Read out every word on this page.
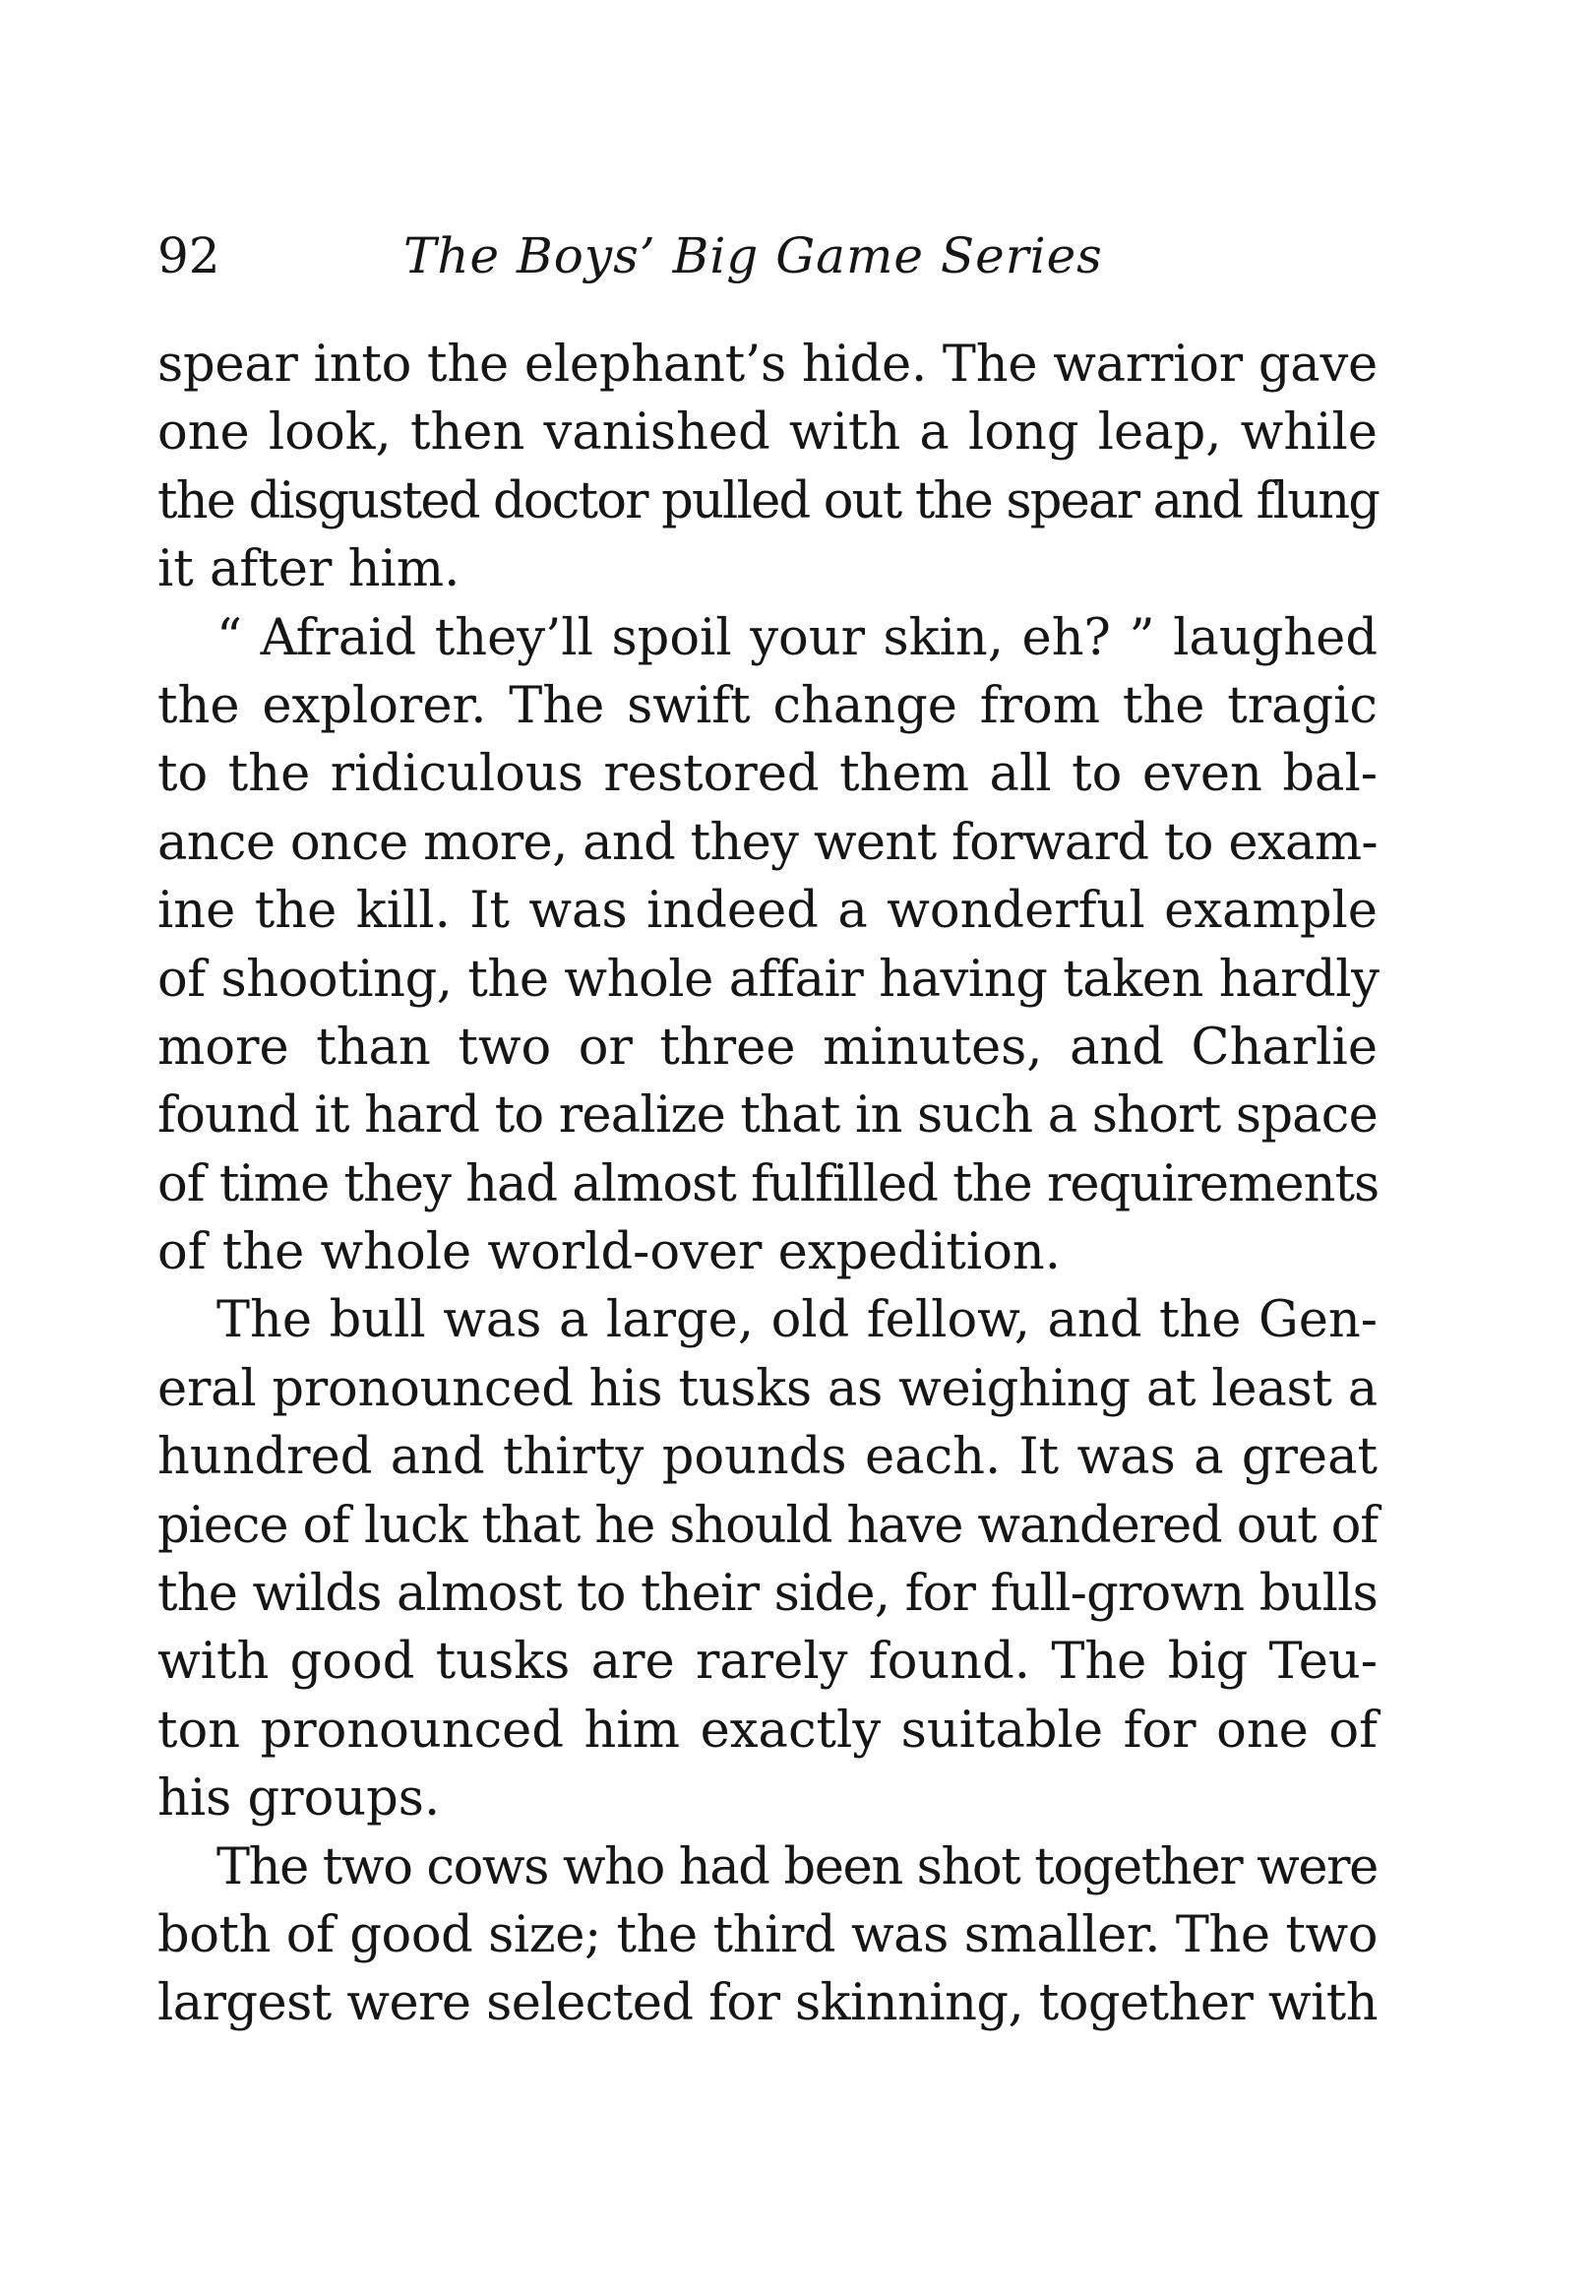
92	The Boys’ Big Game Series
spear into the elephant’s hide. The warrior gave
one look, then vanished with a long leap, while
the disgusted doctor pulled out the spear and flung
it after him.
“ Afraid they’ll spoil your skin, eh? ” laughed
the explorer. The swift change from the tragic
to the ridiculous restored them all to even bal-
ance once more, and they went forward to exam-
ine the kill. It was indeed a wonderful example
of shooting, the whole affair having taken hardly
more than two or three minutes, and Charlie
found it hard to realize that in such a short space
of time they had almost fulfilled the requirements
of the whole world-over expedition.
The bull was a large, old fellow, and the Gen-
eral pronounced his tusks as weighing at least a
hundred and thirty pounds each. It was a great
piece of luck that he should have wandered out of
the wilds almost to their side, for full-grown bulls
with good tusks are rarely found. The big Teu-
ton pronounced him exactly suitable for one of
his groups.
The two cows who had been shot together were
both of good size; the third was smaller. The two
largest were selected for skinning, together with
